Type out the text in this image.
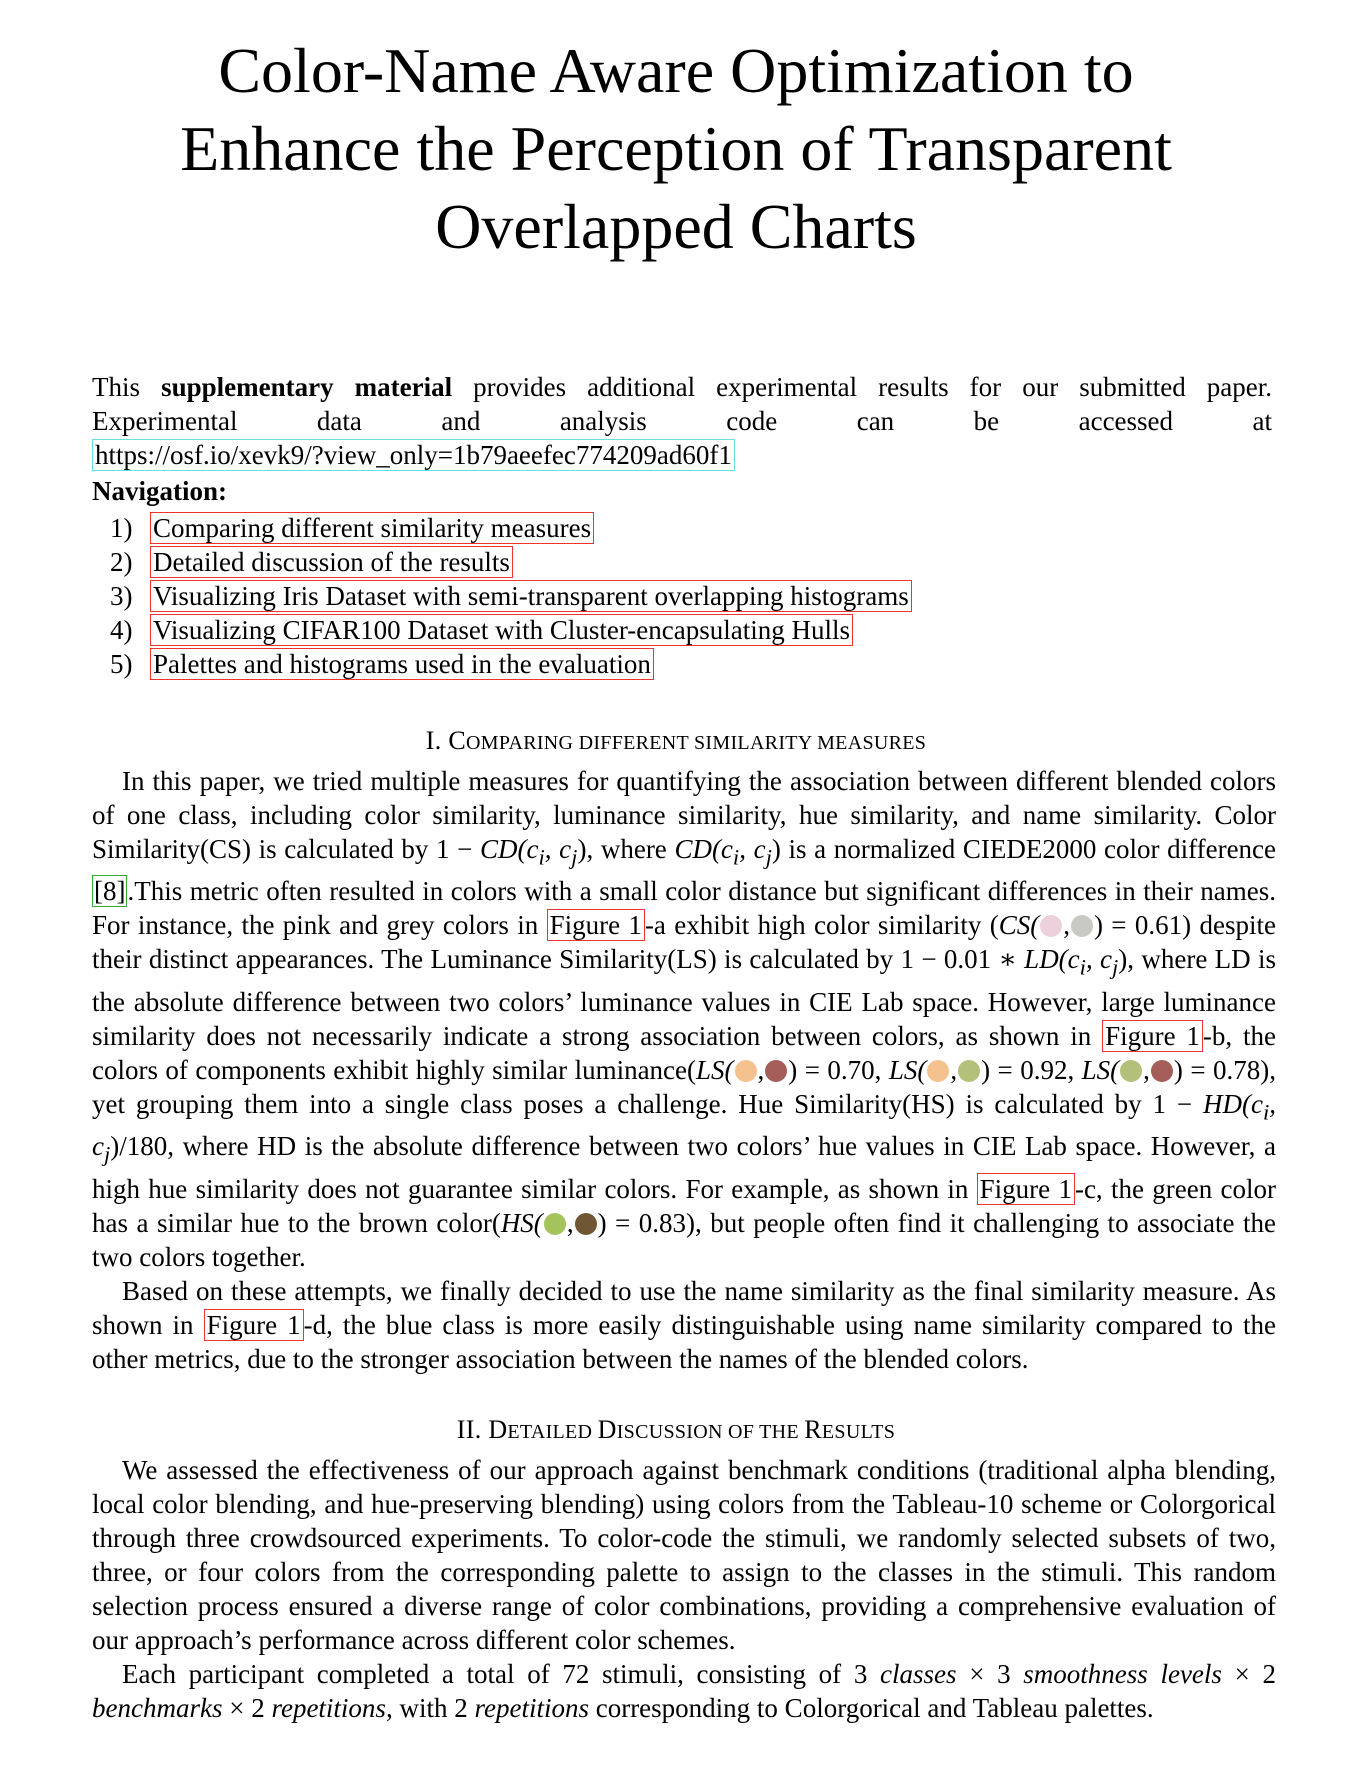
Color-Name Aware Optimization to
Enhance the Perception of Transparent
Overlapped Charts
This supplementary material provides additional experimental results for our submitted paper. Experimental data and analysis code can be accessed at https://osf.io/xevk9/?view_only=1b79aeefec774209ad60f1
Navigation:
1) Comparing different similarity measures
2) Detailed discussion of the results
3) Visualizing Iris Dataset with semi-transparent overlapping histograms
4) Visualizing CIFAR100 Dataset with Cluster-encapsulating Hulls
5) Palettes and histograms used in the evaluation
I. COMPARING DIFFERENT SIMILARITY MEASURES

In this paper, we tried multiple measures for quantifying the association between different blended colors of one class, including color similarity, luminance similarity, hue similarity, and name similarity. Color Similarity(CS) is calculated by $1 - CD(c_i$, $c_j$), where $CD(c_i$, $c_j$) is a normalized CIEDE2000 color difference [8].This metric often resulted in colors with a small color distance but significant differences in their names. For instance, the pink and grey colors in Figure 1 -a exhibit high color similarity (CS( , ) = 0.61) despite their distinct appearances. The Luminance Similarity(LS) is calculated by 1 − 0.01 ∗ $LD(c_i$, $c_j$), where LD is the absolute difference between two colors’ luminance values in CIE Lab space. However, large luminance similarity does not necessarily indicate a strong association between colors, as shown in Figure 1 -b, the colors of components exhibit highly similar luminance(LS( , ) = 0.70, LS( , ) = 0.92, LS( , ) = 0.78), yet grouping them into a single class poses a challenge. Hue Similarity(HS) is calculated by $1 - HD(c_i$, $c_j)/180$, where HD is the absolute difference between two colors’ hue values in CIE Lab space. However, a high hue similarity does not guarantee similar colors. For example, as shown in Figure 1 -c, the green color has a similar hue to the brown color(HS( , ) = 0.83), but people often find it challenging to associate the two colors together.

Based on these attempts, we finally decided to use the name similarity as the final similarity measure. As shown in Figure 1 -d, the blue class is more easily distinguishable using name similarity compared to the other metrics, due to the stronger association between the names of the blended colors.

II. DETAILED DISCUSSION OF THE RESULTS

We assessed the effectiveness of our approach against benchmark conditions (traditional alpha blending, local color blending, and hue-preserving blending) using colors from the Tableau-10 scheme or Colorgorical through three crowdsourced experiments. To color-code the stimuli, we randomly selected subsets of two, three, or four colors from the corresponding palette to assign to the classes in the stimuli. This random selection process ensured a diverse range of color combinations, providing a comprehensive evaluation of our approach’s performance across different color schemes.

Each participant completed a total of 72 stimuli, consisting of 3 classes × 3 smoothness levels × 2 benchmarks × 2 repetitions, with 2 repetitions corresponding to Colorgorical and Tableau palettes.
